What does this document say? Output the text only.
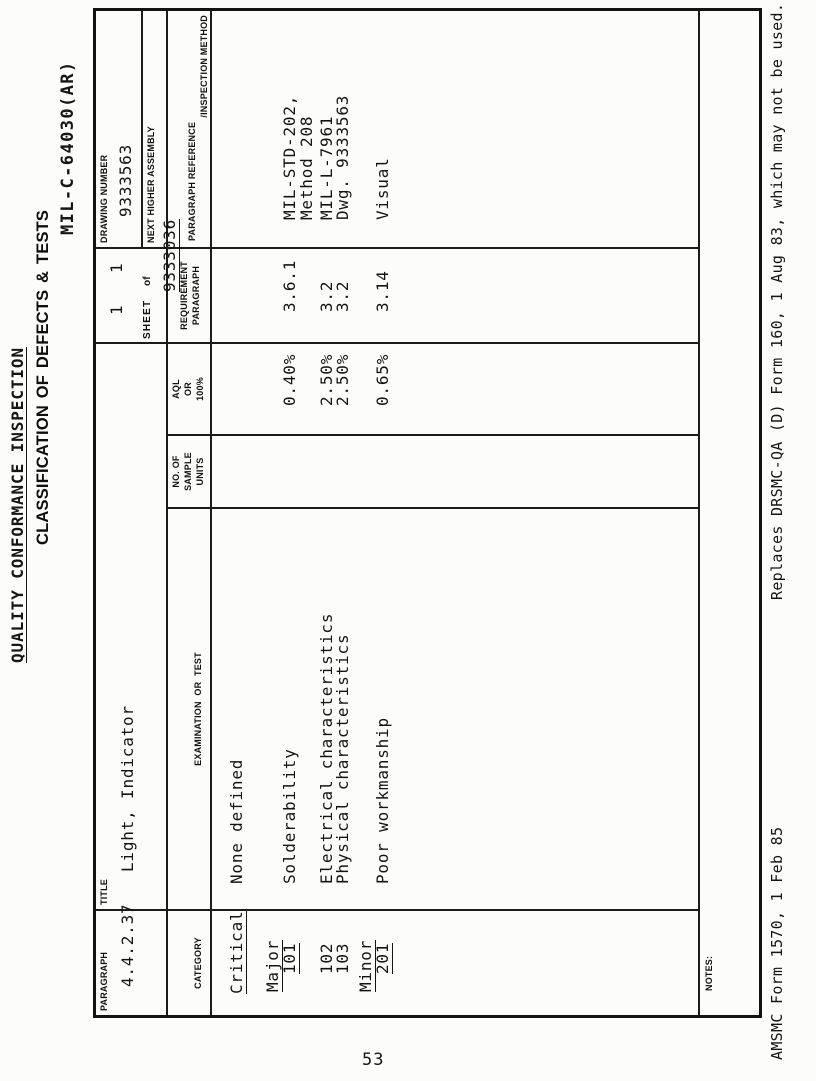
QUALITY CONFORMANCE INSPECTION CLASSIFICATION OF DEFECTS & TESTS
MIL-C-64030(AR)
PARAGRAPH 4.4.2.37
TITLE
Light, Indicator
1
1
SHEET
of
DRAWING NUMBER 9333563 NEXT HIGHER ASSEMBLY
9333036
CATEGORY
EXAMINATION OR TEST
NO. OF SAMPLE UNITS
AQL OR 100%
REQUIREMENT PARAGRAPH
PARAGRAPH REFERENCE
/INSPECTION METHOD
Critical
None defined
Major
101
Solderability
0.40%
3.6.1
MIL-STD-202,
Method 208
102
Electrical characteristics
2.50%
3.2
MIL-L-7961
103
Physical characteristics
2.50%
3.2
Dwg. 9333563
Minor
201
Poor workmanship
0.65%
3.14
Visual
NOTES:	AMSMC Form 1570, 1 Feb 85
Replaces DRSMC-QA (D) Form 160, 1 Aug 83, which may not be used.
53
